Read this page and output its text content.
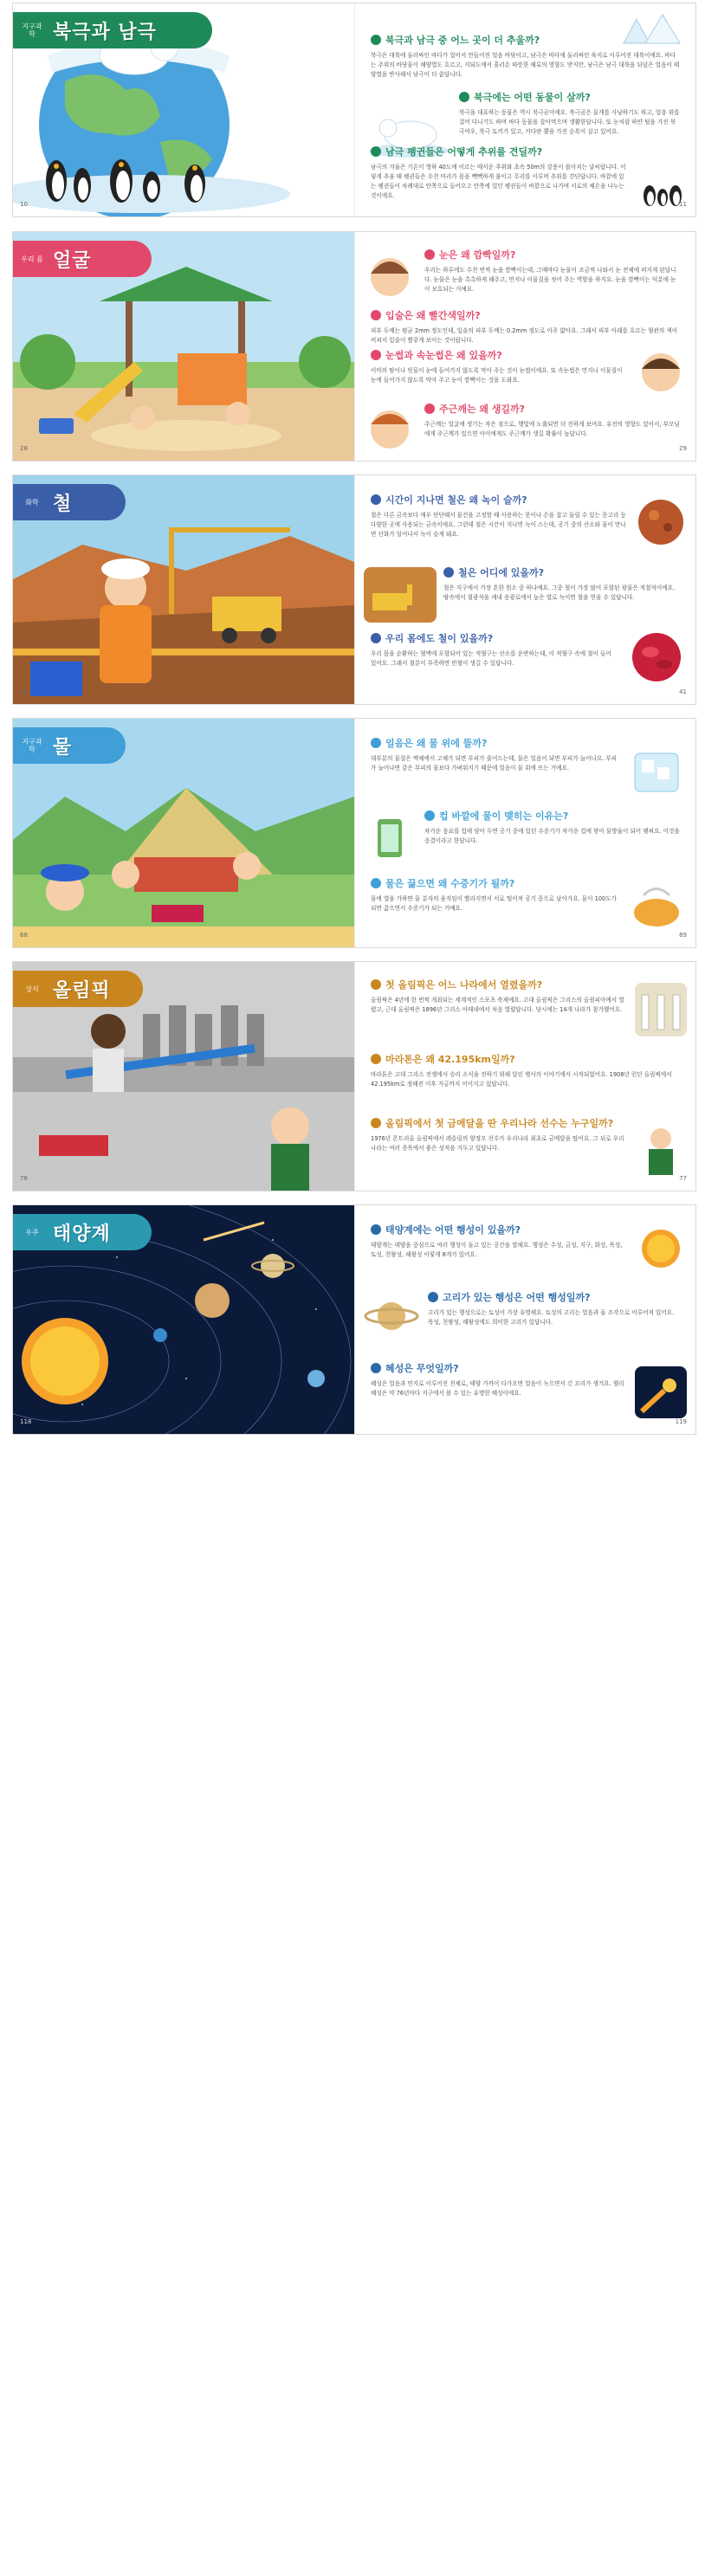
지구과학 북극과 남극
10
북극과 남극 중 어느 곳이 더 추울까?

북극은 대륙에 둘러싸인 바다가 얼어서 만들어진 얼음 바닷이고, 남극은 바다에 둘러싸인 육지로 이루어진 대륙이에요. 바다는 주위의 바닷물이 해양열도 흐르고, 지되도에서 흘러온 따뜻한 해류의 영향도 받지만, 남극은 남극 대륙을 뒤덮은 얼음이 태양열을 반사해서 남극이 더 춥답니다.

북극에는 어떤 동물이 살까?

북극을 대표하는 동물은 역시 북극곰이에요. 북극곰은 물개를 사냥하기도 하고, 얼음 위를 걸어 다니기도 하며 바다 동물을 잡아먹으며 생활한답니다. 또 눈처럼 하얀 털을 가진 북극여우, 북극 토끼가 있고, 커다란 뿔을 가진 순록이 살고 있어요.

남극 펭귄들은 어떻게 추위를 견딜까?

남극의 겨울은 기온이 영하 40도에 이르는 매서운 추위와 초속 50m의 강풍이 몰아치는 날씨랍니다. 이렇게 추울 때 펭귄들은 수천 마리가 몸을 빽빽하게 붙이고 무리를 이루며 추위를 견딘답니다. 바깥에 있는 펭귄들이 차례대로 안쪽으로 들어오고 안쪽에 있던 펭귄들이 바깥으로 나가며 서로의 체온을 나누는 것이에요.

11
우리 몸 얼굴
28
눈은 왜 깜빡일까?

우리는 하루에도 수천 번씩 눈을 깜빡이는데, 그때마다 눈물이 조금씩 나와서 눈 전체에 퍼지게 된답니다. 눈물은 눈을 촉촉하게 해주고, 먼지나 이물질을 씻어 주는 역할을 하지요. 눈을 깜빡이는 덕분에 눈이 보호되는 거예요.

입술은 왜 빨간색일까?

피부 두께는 평균 2mm 정도인데, 입술의 피부 두께는 0.2mm 정도로 아주 얇아요. 그래서 피부 아래를 흐르는 혈관의 색이 비쳐서 입술이 빨갛게 보이는 것이랍니다.

눈썹과 속눈썹은 왜 있을까?

이마의 땀이나 빗물이 눈에 들어가지 않도록 막아 주는 것이 눈썹이에요. 또 속눈썹은 먼지나 이물질이 눈에 들어가지 않도록 막아 주고 눈이 깜빡이는 것을 도와요.

주근깨는 왜 생길까?

주근깨는 얼굴에 생기는 작은 점으로, 햇빛에 노출되면 더 진하게 보여요. 유전의 영향도 있어서, 부모님에게 주근깨가 있으면 아이에게도 주근깨가 생길 확률이 높답니다.

29
화학 철
40
시간이 지나면 철은 왜 녹이 슬까?

철은 다른 금속보다 매우 단단해서 물건을 고정할 때 사용하는 못이나 손을 잡고 돌릴 수 있는 문고리 등 다양한 곳에 사용되는 금속이에요. 그런데 철은 시간이 지나면 녹이 스는데, 공기 중의 산소와 물이 만나면 산화가 일어나서 녹이 슬게 돼요.

철은 어디에 있을까?

철은 지구에서 가장 흔한 원소 중 하나예요. 그중 철이 가장 많이 포함된 광물은 적철석이에요. 땅속에서 철광석을 캐내 용광로에서 높은 열로 녹이면 철을 얻을 수 있답니다.

우리 몸에도 철이 있을까?

우리 몸을 순환하는 혈액에 포함되어 있는 적혈구는 산소를 운반하는데, 이 적혈구 속에 철이 들어 있어요. 그래서 철분이 부족하면 빈혈이 생길 수 있답니다.

41
지구과학 물
68
얼음은 왜 물 위에 뜰까?

대부분의 물질은 액체에서 고체가 되면 부피가 줄어드는데, 물은 얼음이 되면 부피가 늘어나요. 부피가 늘어나면 같은 부피의 물보다 가벼워지기 때문에 얼음이 물 위에 뜨는 거예요.

컵 바깥에 물이 맺히는 이유는?

차가운 음료를 컵에 담아 두면 공기 중에 있던 수증기가 차가운 컵에 닿아 물방울이 되어 맺혀요. 이것을 응결이라고 한답니다.

물은 끓으면 왜 수증기가 될까?

물에 열을 가하면 물 분자의 움직임이 빨라지면서 서로 떨어져 공기 중으로 날아가요. 물이 100도가 되면 끓으면서 수증기가 되는 거예요.

69
상식 올림픽
76
첫 올림픽은 어느 나라에서 열렸을까?

올림픽은 4년에 한 번씩 개최되는 세계적인 스포츠 축제예요. 고대 올림픽은 그리스의 올림피아에서 열렸고, 근대 올림픽은 1896년 그리스 아테네에서 처음 열렸답니다. 당시에는 14개 나라가 참가했어요.

마라톤은 왜 42.195km일까?

마라톤은 고대 그리스 전쟁에서 승리 소식을 전하기 위해 달린 병사의 이야기에서 시작되었어요. 1908년 런던 올림픽에서 42.195km로 정해진 이후 지금까지 이어지고 있답니다.

올림픽에서 첫 금메달을 딴 우리나라 선수는 누구일까?

1976년 몬트리올 올림픽에서 레슬링의 양정모 선수가 우리나라 최초로 금메달을 땄어요. 그 뒤로 우리나라는 여러 종목에서 좋은 성적을 거두고 있답니다.

77
우주 태양계
118
태양계에는 어떤 행성이 있을까?

태양계는 태양을 중심으로 여러 행성이 돌고 있는 공간을 말해요. 행성은 수성, 금성, 지구, 화성, 목성, 토성, 천왕성, 해왕성 이렇게 8개가 있어요.

고리가 있는 행성은 어떤 행성일까?

고리가 있는 행성으로는 토성이 가장 유명해요. 토성의 고리는 얼음과 돌 조각으로 이루어져 있어요. 목성, 천왕성, 해왕성에도 희미한 고리가 있답니다.

혜성은 무엇일까?

혜성은 얼음과 먼지로 이루어진 천체로, 태양 가까이 다가오면 얼음이 녹으면서 긴 꼬리가 생겨요. 핼리 혜성은 약 76년마다 지구에서 볼 수 있는 유명한 혜성이에요.

119
